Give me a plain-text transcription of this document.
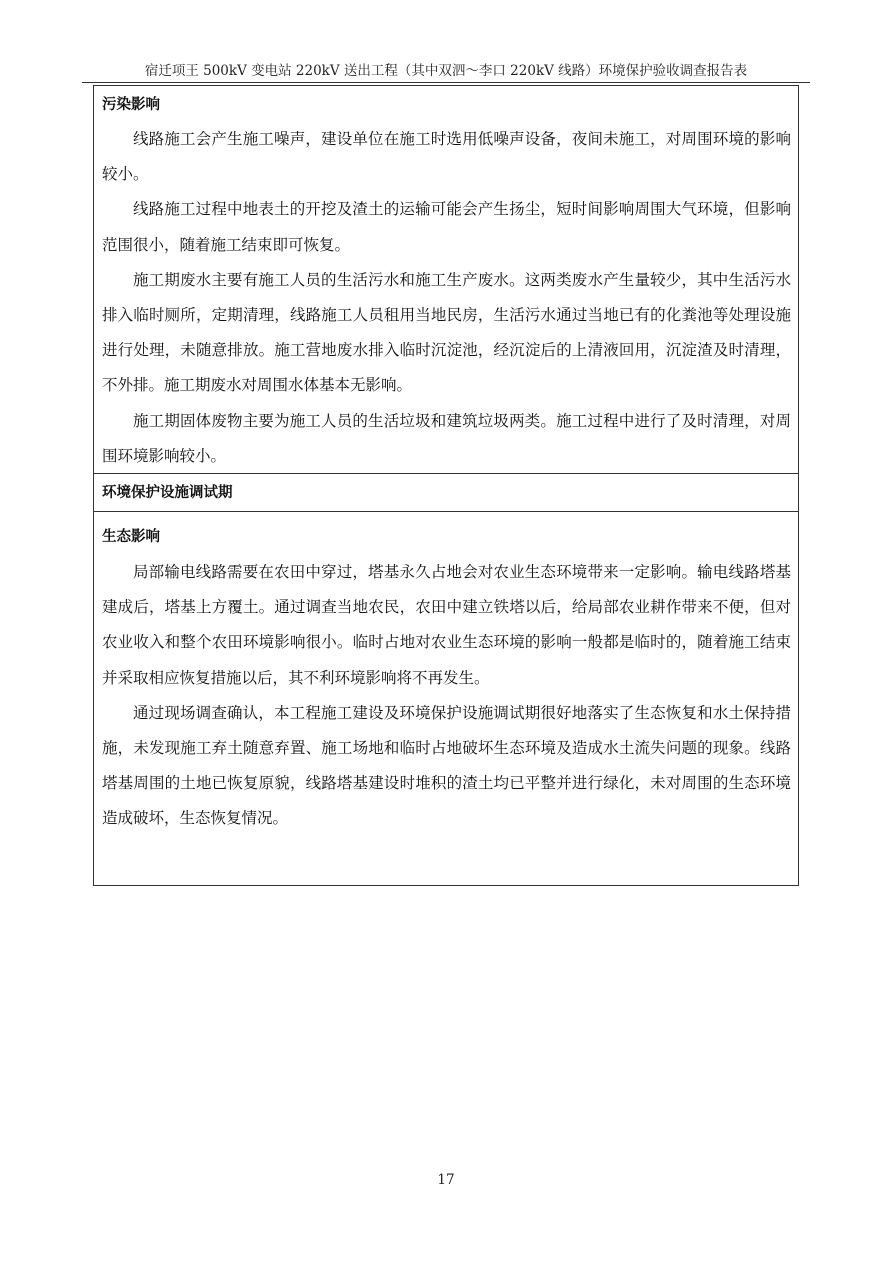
宿迁项王 500kV 变电站 220kV 送出工程（其中双泗～李口 220kV 线路）环境保护验收调查报告表
污染影响

线路施工会产生施工噪声，建设单位在施工时选用低噪声设备，夜间未施工，对周围环境的影响较小。

线路施工过程中地表土的开挖及渣土的运输可能会产生扬尘，短时间影响周围大气环境，但影响范围很小，随着施工结束即可恢复。

施工期废水主要有施工人员的生活污水和施工生产废水。这两类废水产生量较少，其中生活污水排入临时厕所，定期清理，线路施工人员租用当地民房，生活污水通过当地已有的化粪池等处理设施进行处理，未随意排放。施工营地废水排入临时沉淀池，经沉淀后的上清液回用，沉淀渣及时清理，不外排。施工期废水对周围水体基本无影响。

施工期固体废物主要为施工人员的生活垃圾和建筑垃圾两类。施工过程中进行了及时清理，对周围环境影响较小。

环境保护设施调试期
生态影响

局部输电线路需要在农田中穿过，塔基永久占地会对农业生态环境带来一定影响。输电线路塔基建成后，塔基上方覆土。通过调查当地农民，农田中建立铁塔以后，给局部农业耕作带来不便，但对农业收入和整个农田环境影响很小。临时占地对农业生态环境的影响一般都是临时的，随着施工结束并采取相应恢复措施以后，其不利环境影响将不再发生。

通过现场调查确认，本工程施工建设及环境保护设施调试期很好地落实了生态恢复和水土保持措施，未发现施工弃土随意弃置、施工场地和临时占地破坏生态环境及造成水土流失问题的现象。线路塔基周围的土地已恢复原貌，线路塔基建设时堆积的渣土均已平整并进行绿化，未对周围的生态环境造成破坏，生态恢复情况。

17
